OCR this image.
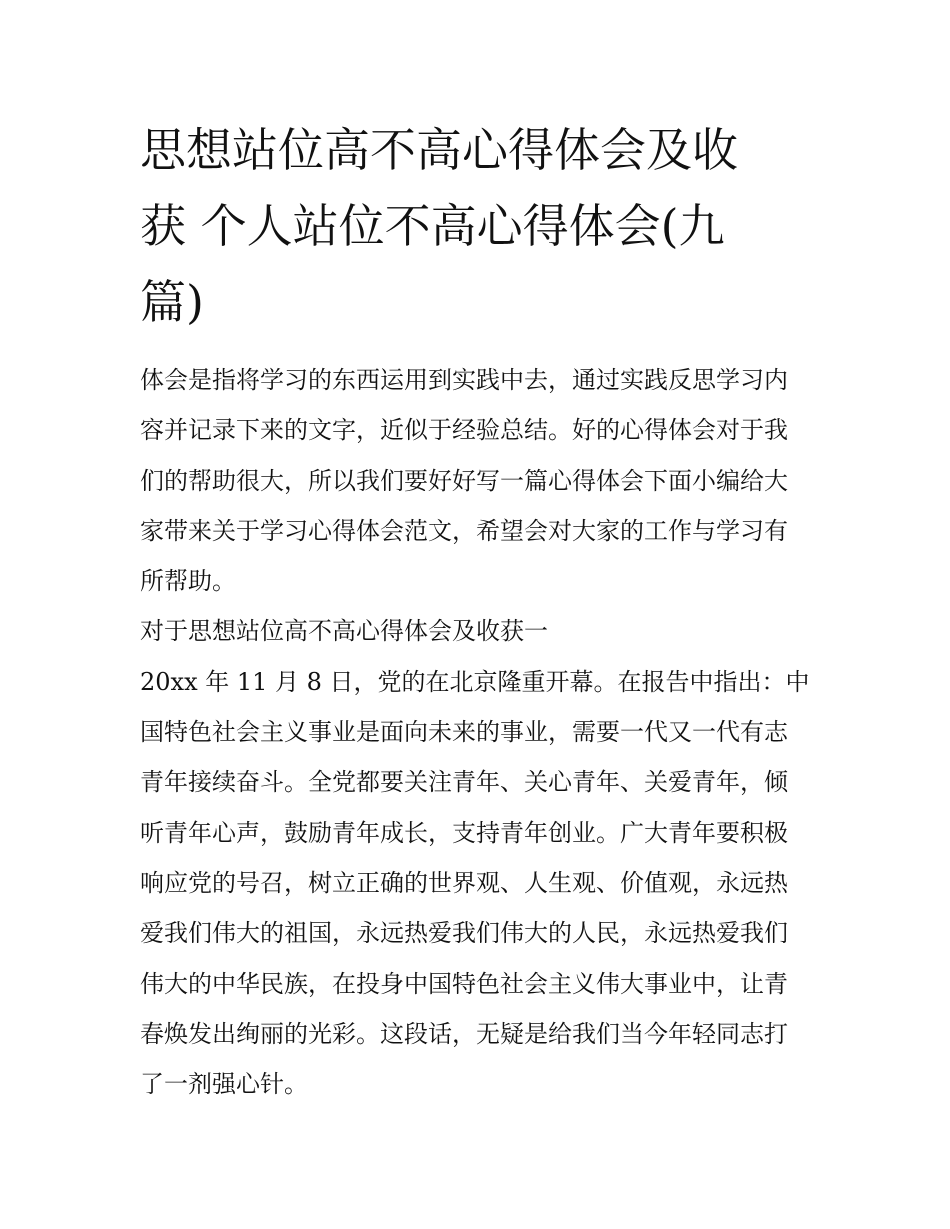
思想站位高不高心得体会及收
获 个人站位不高心得体会(九
篇)
体会是指将学习的东西运用到实践中去，通过实践反思学习内
容并记录下来的文字，近似于经验总结。好的心得体会对于我
们的帮助很大，所以我们要好好写一篇心得体会下面小编给大
家带来关于学习心得体会范文，希望会对大家的工作与学习有
所帮助。
对于思想站位高不高心得体会及收获一
20xx 年 11 月 8 日，党的在北京隆重开幕。在报告中指出：中
国特色社会主义事业是面向未来的事业，需要一代又一代有志
青年接续奋斗。全党都要关注青年、关心青年、关爱青年，倾
听青年心声，鼓励青年成长，支持青年创业。广大青年要积极
响应党的号召，树立正确的世界观、人生观、价值观，永远热
爱我们伟大的祖国，永远热爱我们伟大的人民，永远热爱我们
伟大的中华民族，在投身中国特色社会主义伟大事业中，让青
春焕发出绚丽的光彩。这段话，无疑是给我们当今年轻同志打
了一剂强心针。
